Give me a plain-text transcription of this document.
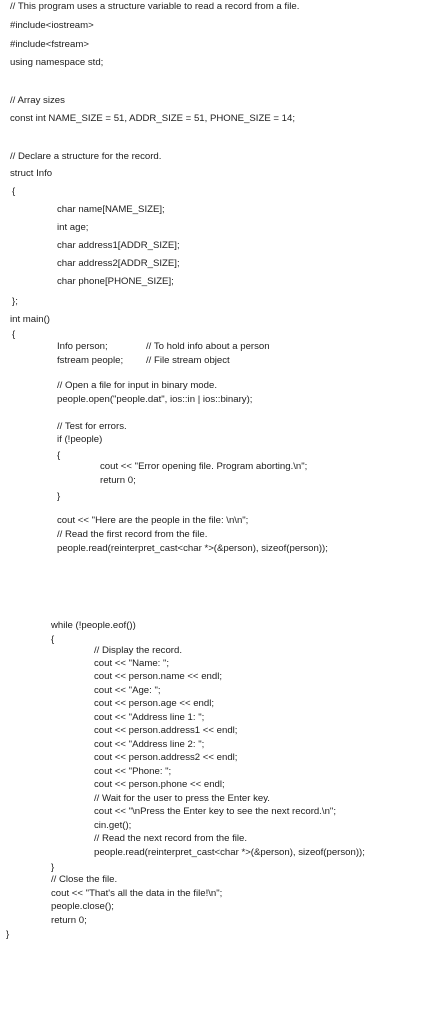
// This program uses a structure variable to read a record from a file.
#include<iostream>
#include<fstream>
using namespace std;
// Array sizes
const int NAME_SIZE = 51, ADDR_SIZE = 51, PHONE_SIZE = 14;
// Declare a structure for the record.
struct Info
{
char name[NAME_SIZE];
int age;
char address1[ADDR_SIZE];
char address2[ADDR_SIZE];
char phone[PHONE_SIZE];
};
int main()
{
Info person;	// To hold info about a person
fstream people; // File stream object
// Open a file for input in binary mode.
people.open("people.dat", ios::in | ios::binary);
// Test for errors.
if (!people)
{
cout << "Error opening file. Program aborting.\n";
return 0;
}
cout << "Here are the people in the file: \n\n";
// Read the first record from the file.
people.read(reinterpret_cast<char *>(&person), sizeof(person));
while (!people.eof())
{
// Display the record.
cout << "Name: ";
cout << person.name << endl;
cout << "Age: ";
cout << person.age << endl;
cout << "Address line 1: ";
cout << person.address1 << endl;
cout << "Address line 2: ";
cout << person.address2 << endl;
cout << "Phone: ";
cout << person.phone << endl;
// Wait for the user to press the Enter key.
cout << "\nPress the Enter key to see the next record.\n";
cin.get();
// Read the next record from the file.
people.read(reinterpret_cast<char *>(&person), sizeof(person));
}
// Close the file.
cout << "That's all the data in the file!\n";
people.close();
return 0;
}
